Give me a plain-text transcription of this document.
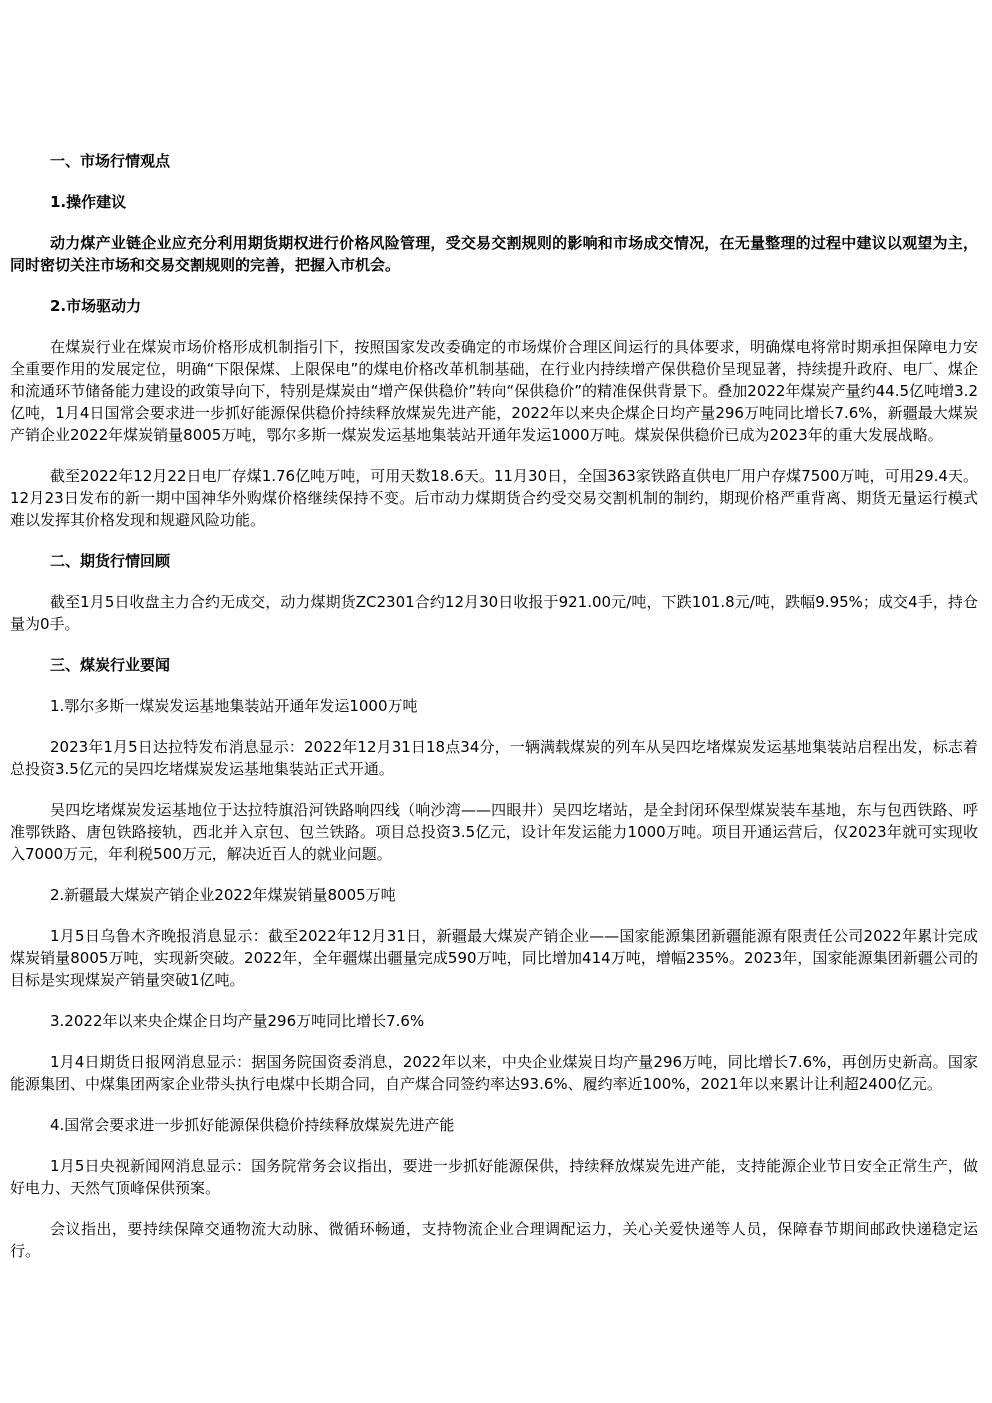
一、市场行情观点
1.操作建议
动力煤产业链企业应充分利用期货期权进行价格风险管理，受交易交割规则的影响和市场成交情况，在无量整理的过程中建议以观望为主，同时密切关注市场和交易交割规则的完善，把握入市机会。
2.市场驱动力
在煤炭行业在煤炭市场价格形成机制指引下，按照国家发改委确定的市场煤价合理区间运行的具体要求，明确煤电将常时期承担保障电力安全重要作用的发展定位，明确“下限保煤、上限保电”的煤电价格改革机制基础，在行业内持续增产保供稳价呈现显著，持续提升政府、电厂、煤企和流通环节储备能力建设的政策导向下，特别是煤炭由“增产保供稳价”转向“保供稳价”的精准保供背景下。叠加2022年煤炭产量约44.5亿吨增3.2亿吨，1月4日国常会要求进一步抓好能源保供稳价持续释放煤炭先进产能，2022年以来央企煤企日均产量296万吨同比增长7.6%，新疆最大煤炭产销企业2022年煤炭销量8005万吨，鄂尔多斯一煤炭发运基地集装站开通年发运1000万吨。煤炭保供稳价已成为2023年的重大发展战略。
截至2022年12月22日电厂存煤1.76亿吨万吨，可用天数18.6天。11月30日，全国363家铁路直供电厂用户存煤7500万吨，可用29.4天。12月23日发布的新一期中国神华外购煤价格继续保持不变。后市动力煤期货合约受交易交割机制的制约，期现价格严重背离、期货无量运行模式难以发挥其价格发现和规避风险功能。
二、期货行情回顾
截至1月5日收盘主力合约无成交，动力煤期货ZC2301合约12月30日收报于921.00元/吨，下跌101.8元/吨，跌幅9.95%；成交4手，持仓量为0手。
三、煤炭行业要闻
1.鄂尔多斯一煤炭发运基地集装站开通年发运1000万吨
2023年1月5日达拉特发布消息显示：2022年12月31日18点34分，一辆满载煤炭的列车从吴四圪堵煤炭发运基地集装站启程出发，标志着总投资3.5亿元的吴四圪堵煤炭发运基地集装站正式开通。
吴四圪堵煤炭发运基地位于达拉特旗沿河铁路响四线（响沙湾——四眼井）吴四圪堵站，是全封闭环保型煤炭装车基地，东与包西铁路、呼准鄂铁路、唐包铁路接轨，西北并入京包、包兰铁路。项目总投资3.5亿元，设计年发运能力1000万吨。项目开通运营后，仅2023年就可实现收入7000万元，年利税500万元，解决近百人的就业问题。
2.新疆最大煤炭产销企业2022年煤炭销量8005万吨
1月5日乌鲁木齐晚报消息显示：截至2022年12月31日，新疆最大煤炭产销企业——国家能源集团新疆能源有限责任公司2022年累计完成煤炭销量8005万吨，实现新突破。2022年，全年疆煤出疆量完成590万吨，同比增加414万吨，增幅235%。2023年，国家能源集团新疆公司的目标是实现煤炭产销量突破1亿吨。
3.2022年以来央企煤企日均产量296万吨同比增长7.6%
1月4日期货日报网消息显示：据国务院国资委消息，2022年以来，中央企业煤炭日均产量296万吨，同比增长7.6%，再创历史新高。国家能源集团、中煤集团两家企业带头执行电煤中长期合同，自产煤合同签约率达93.6%、履约率近100%，2021年以来累计让利超2400亿元。
4.国常会要求进一步抓好能源保供稳价持续释放煤炭先进产能
1月5日央视新闻网消息显示：国务院常务会议指出，要进一步抓好能源保供，持续释放煤炭先进产能，支持能源企业节日安全正常生产，做好电力、天然气顶峰保供预案。
会议指出，要持续保障交通物流大动脉、微循环畅通，支持物流企业合理调配运力，关心关爱快递等人员，保障春节期间邮政快递稳定运行。
